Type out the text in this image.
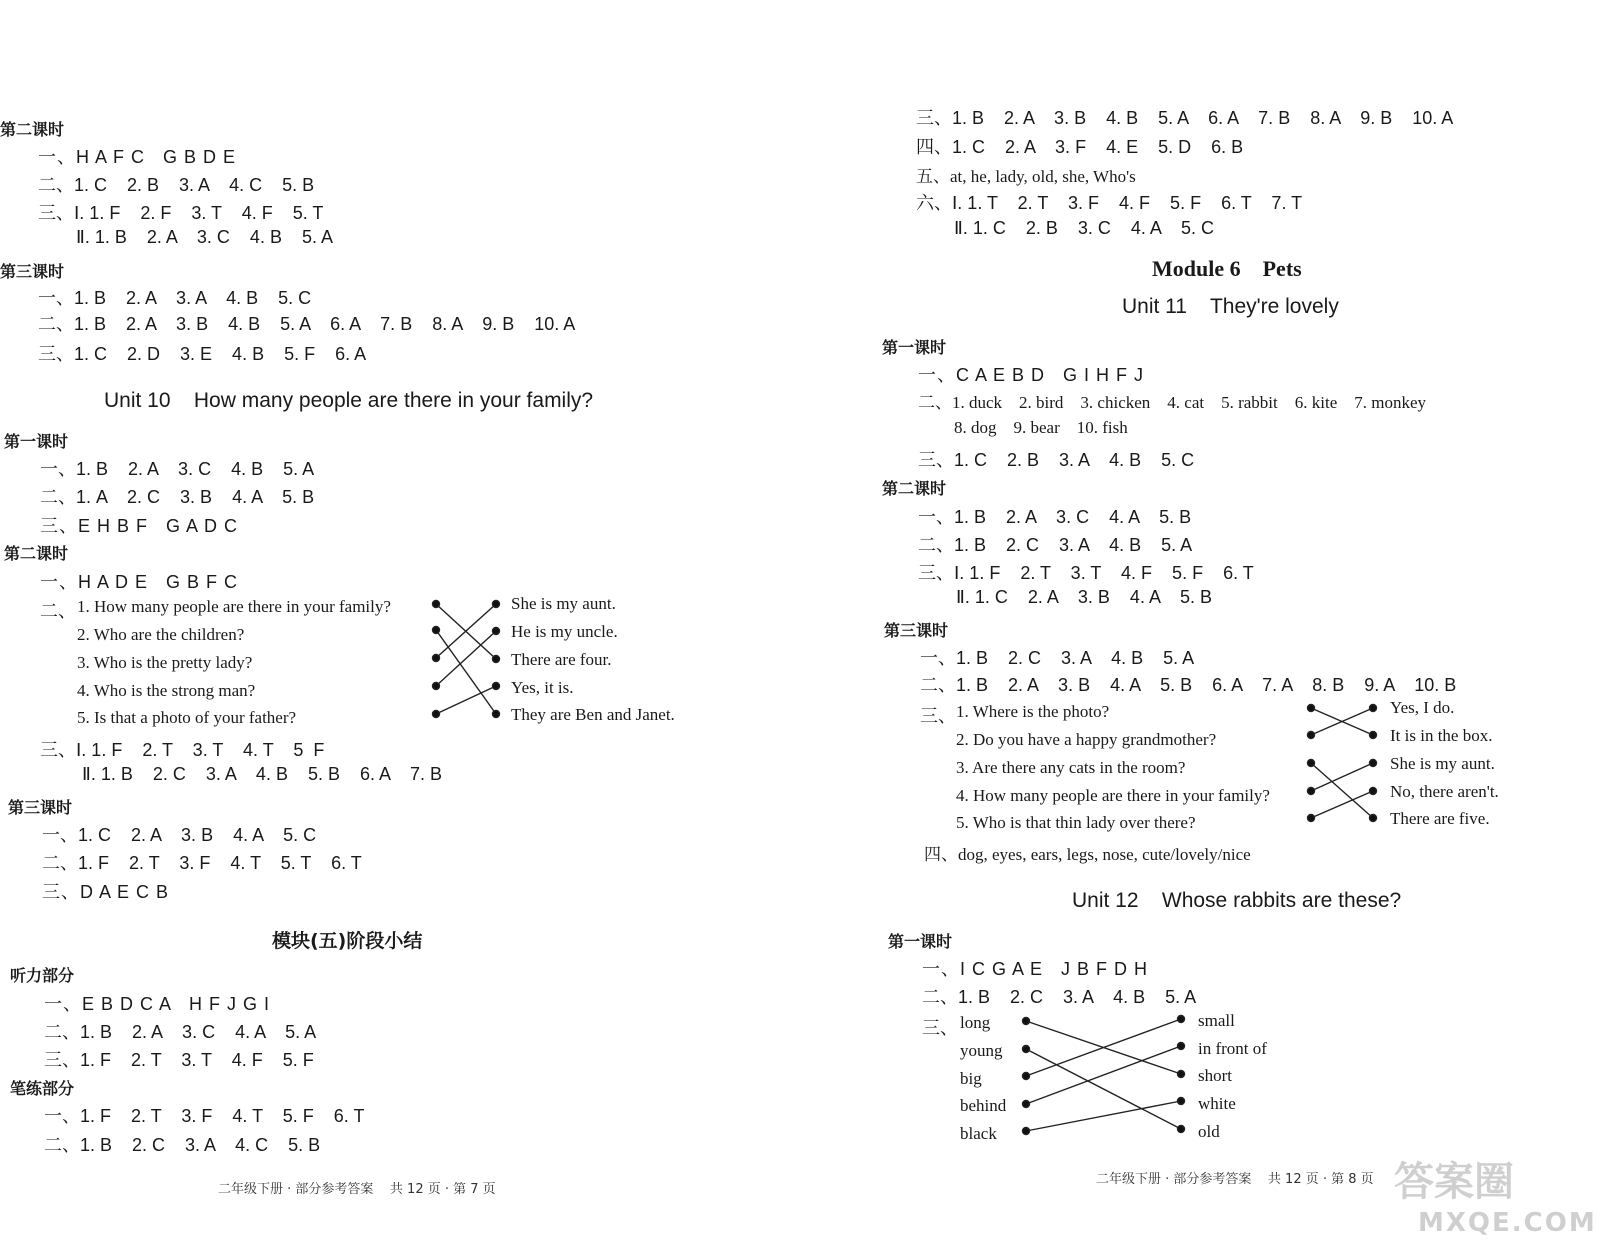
第二课时
一、H A F C   G B D E
二、1. C    2. B    3. A    4. C    5. B
三、Ⅰ. 1. F    2. F    3. T    4. F    5. T
Ⅱ. 1. B    2. A    3. C    4. B    5. A
第三课时
一、1. B    2. A    3. A    4. B    5. C
二、1. B    2. A    3. B    4. B    5. A    6. A    7. B    8. A    9. B    10. A
三、1. C    2. D    3. E    4. B    5. F    6. A
Unit 10    How many people are there in your family?
第一课时
一、1. B    2. A    3. C    4. B    5. A
二、1. A    2. C    3. B    4. A    5. B
三、E H B F   G A D C
第二课时
一、H A D E   G B F C
二、 1. How many people are there in your family?
2. Who are the children?
3. Who is the pretty lady?
4. Who is the strong man?
5. Is that a photo of your father?
She is my aunt.
He is my uncle.
There are four.
Yes, it is.
They are Ben and Janet.
三、Ⅰ. 1. F    2. T    3. T    4. T    5  F
Ⅱ. 1. B    2. C    3. A    4. B    5. B    6. A    7. B
第三课时
一、1. C    2. A    3. B    4. A    5. C
二、1. F    2. T    3. F    4. T    5. T    6. T
三、D A E C B
模块(五)阶段小结
听力部分
一、E B D C A   H F J G I
二、1. B    2. A    3. C    4. A    5. A
三、1. F    2. T    3. T    4. F    5. F
笔练部分
一、1. F    2. T    3. F    4. T    5. F    6. T
二、1. B    2. C    3. A    4. C    5. B
二年级下册 · 部分参考答案    共 12 页 · 第 7 页
三、1. B    2. A    3. B    4. B    5. A    6. A    7. B    8. A    9. B    10. A
四、1. C    2. A    3. F    4. E    5. D    6. B
五、at, he, lady, old, she, Who's
六、Ⅰ. 1. T    2. T    3. F    4. F    5. F    6. T    7. T
Ⅱ. 1. C    2. B    3. C    4. A    5. C
Module 6    Pets
Unit 11    They're lovely
第一课时
一、C A E B D   G I H F J
二、1. duck    2. bird    3. chicken    4. cat    5. rabbit    6. kite    7. monkey
8. dog    9. bear    10. fish
三、1. C    2. B    3. A    4. B    5. C
第二课时
一、1. B    2. A    3. C    4. A    5. B
二、1. B    2. C    3. A    4. B    5. A
三、Ⅰ. 1. F    2. T    3. T    4. F    5. F    6. T
Ⅱ. 1. C    2. A    3. B    4. A    5. B
第三课时
一、1. B    2. C    3. A    4. B    5. A
二、1. B    2. A    3. B    4. A    5. B    6. A    7. A    8. B    9. A    10. B
三、 1. Where is the photo?
2. Do you have a happy grandmother?
3. Are there any cats in the room?
4. How many people are there in your family?
5. Who is that thin lady over there?
Yes, I do.
It is in the box.
She is my aunt.
No, there aren't.
There are five.
四、dog, eyes, ears, legs, nose, cute/lovely/nice
Unit 12    Whose rabbits are these?
第一课时
一、I C G A E   J B F D H
二、1. B    2. C    3. A    4. B    5. A
三、 long
young
big
behind
black
small
in front of
short
white
old
二年级下册 · 部分参考答案    共 12 页 · 第 8 页 答案圈
MXQE.COM
